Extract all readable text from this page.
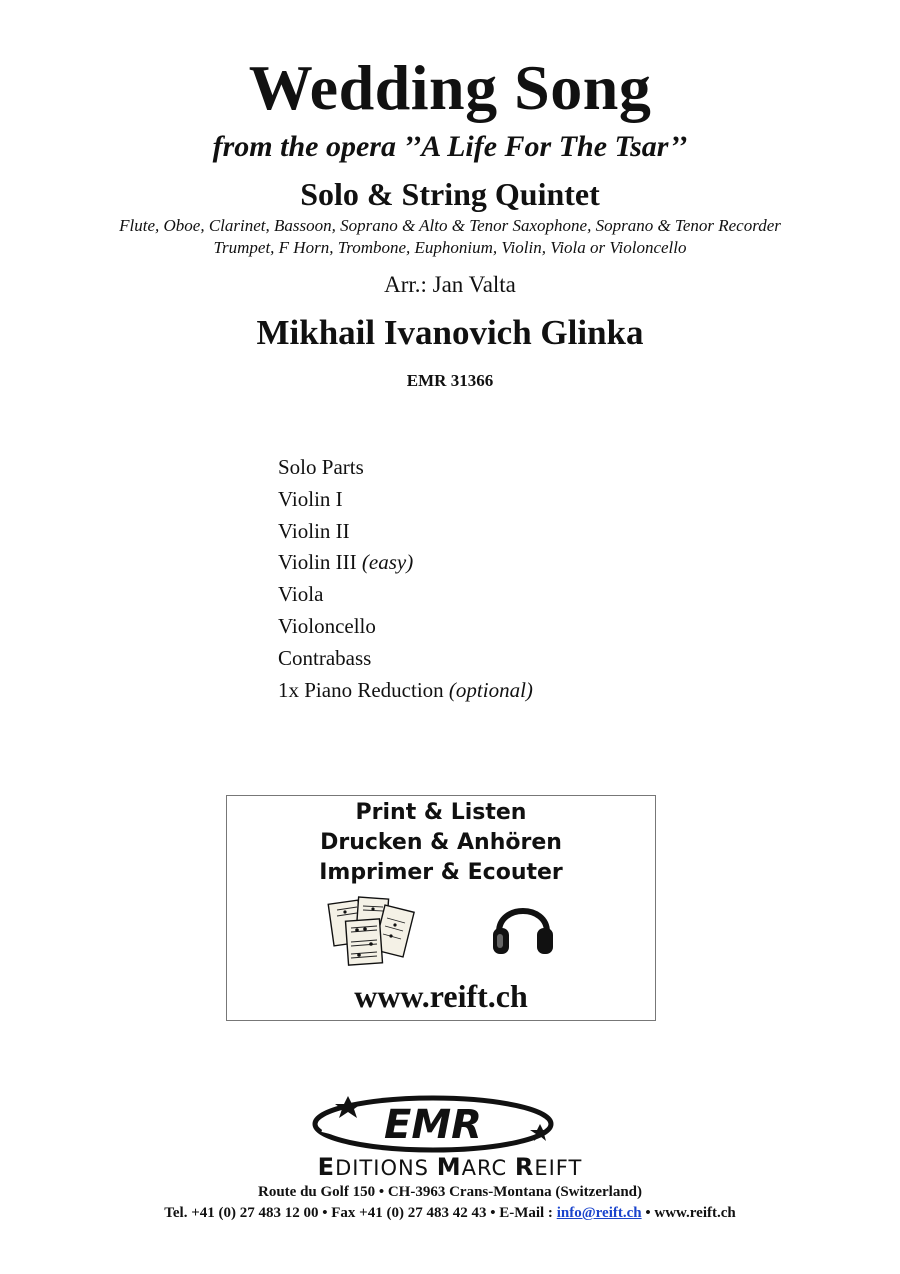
Wedding Song
from the opera ’’A Life For The Tsar’’
Solo & String Quintet
Flute, Oboe, Clarinet, Bassoon, Soprano & Alto & Tenor Saxophone, Soprano & Tenor Recorder
Trumpet, F Horn, Trombone, Euphonium, Violin, Viola or Violoncello
Arr.: Jan Valta
Mikhail Ivanovich Glinka
EMR 31366
Solo Parts
Violin I
Violin II
Violin III (easy)
Viola
Violoncello
Contrabass
1x Piano Reduction (optional)
Print & Listen
Drucken & Anhören
Imprimer & Ecouter
www.reift.ch
EMR
EDITIONS MARC REIFT
Route du Golf 150 • CH-3963 Crans-Montana (Switzerland)
Tel. +41 (0) 27 483 12 00 • Fax +41 (0) 27 483 42 43 • E-Mail : info@reift.ch • www.reift.ch
